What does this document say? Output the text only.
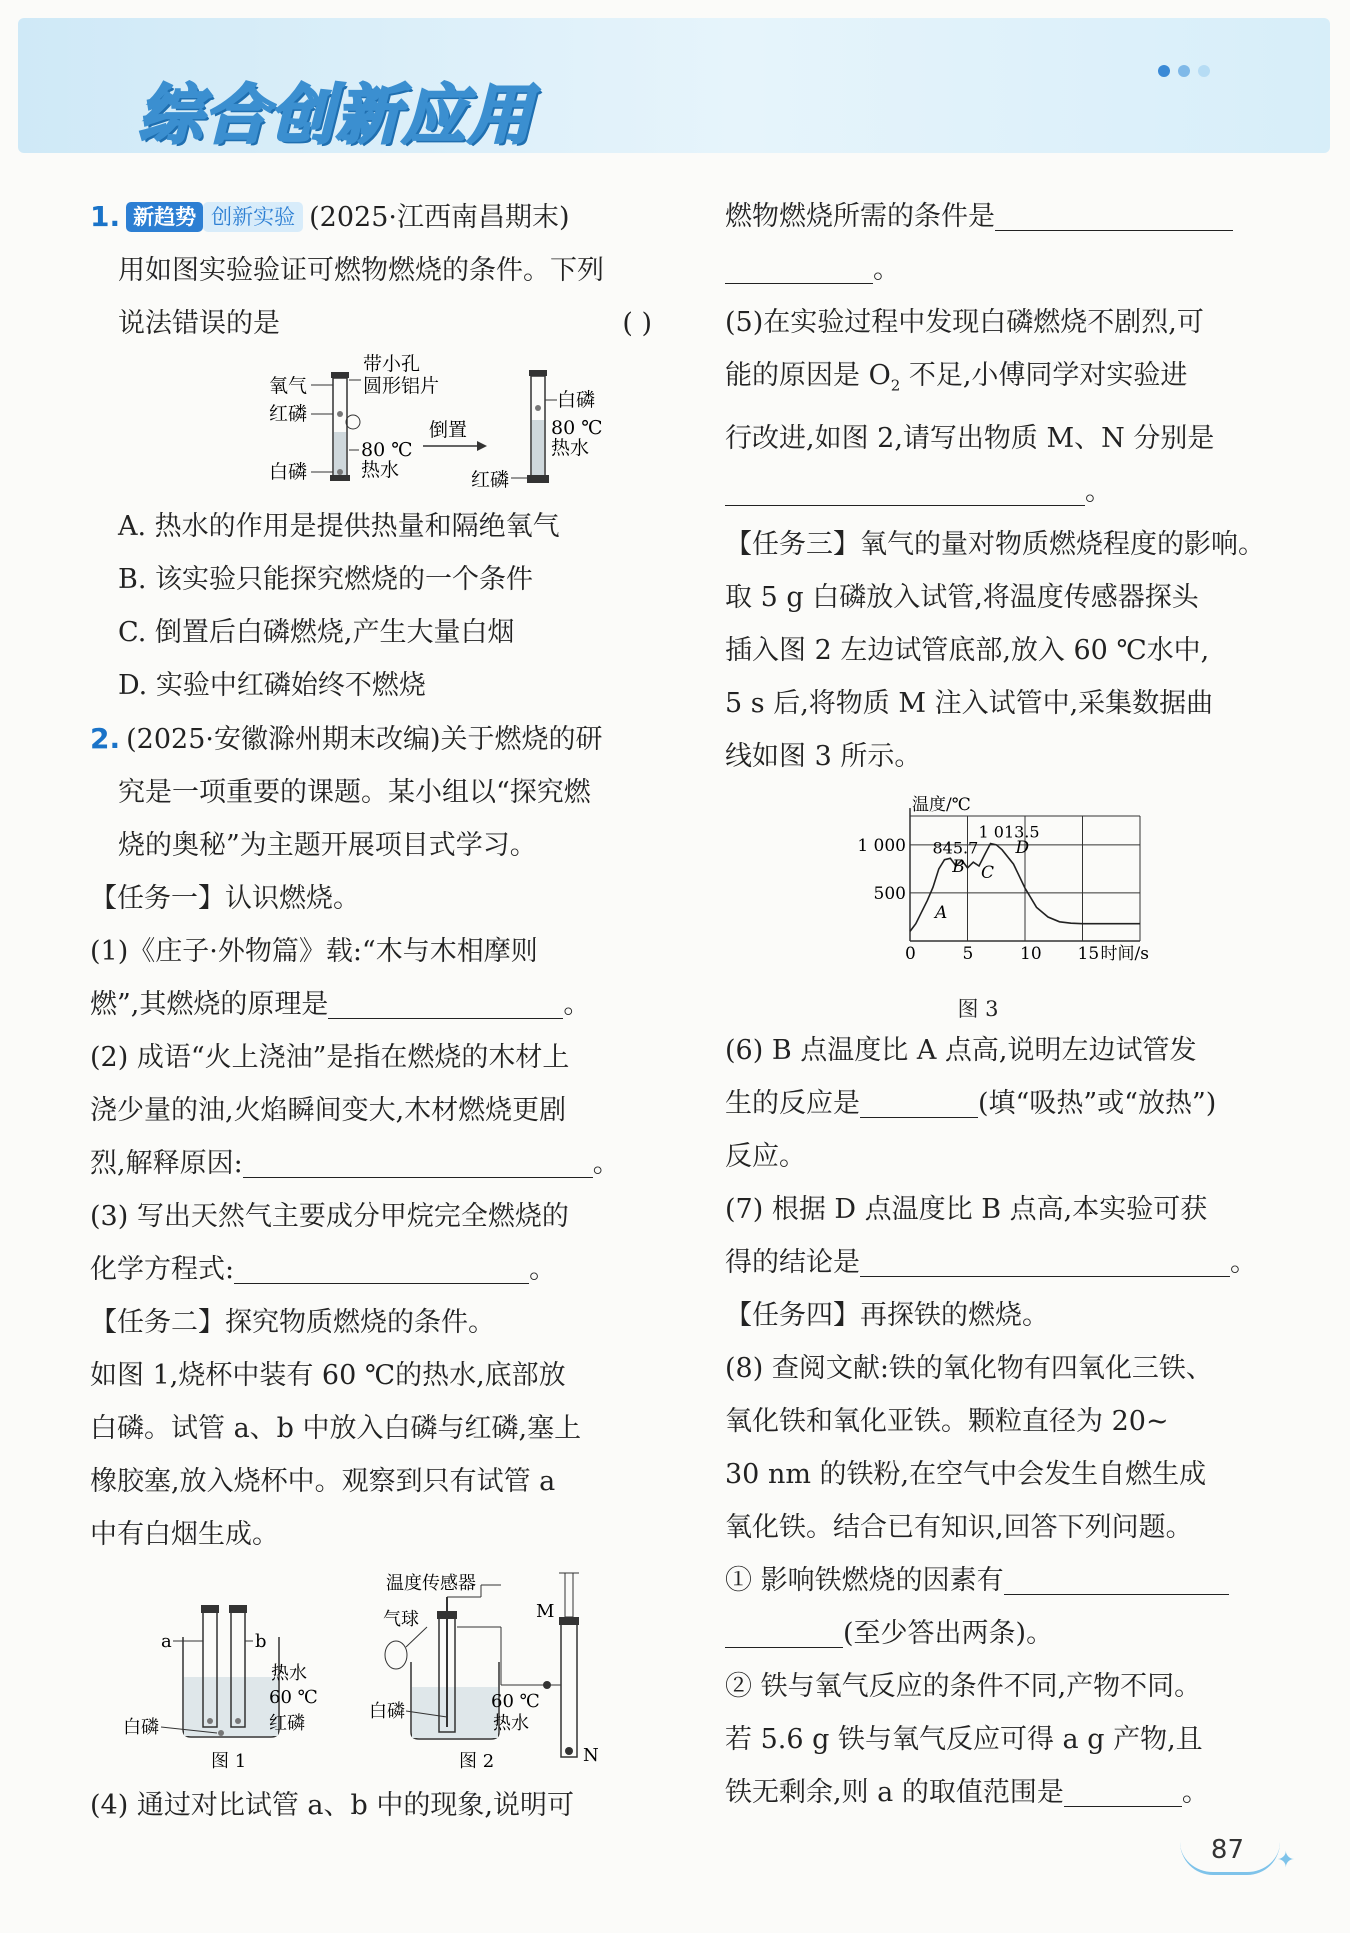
综合创新应用

1. 新趋势 创新实验 (2025·江西南昌期末)

用如图实验验证可燃物燃烧的条件。下列

说法错误的是	( )

氧气
红磷
白磷
带小孔
圆形铝片
80 ℃
热水
倒置
白磷
80 ℃
热水
红磷

A. 热水的作用是提供热量和隔绝氧气

B. 该实验只能探究燃烧的一个条件

C. 倒置后白磷燃烧,产生大量白烟

D. 实验中红磷始终不燃烧

2. (2025·安徽滁州期末改编)关于燃烧的研

究是一项重要的课题。某小组以“探究燃

烧的奥秘”为主题开展项目式学习。

【任务一】认识燃烧。

(1)《庄子·外物篇》载:“木与木相摩则

燃”,其燃烧的原理是	。

(2) 成语“火上浇油”是指在燃烧的木材上

浇少量的油,火焰瞬间变大,木材燃烧更剧

烈,解释原因:	。

(3) 写出天然气主要成分甲烷完全燃烧的

化学方程式:	。

【任务二】探究物质燃烧的条件。

如图 1,烧杯中装有 60 ℃的热水,底部放

白磷。试管 a、b 中放入白磷与红磷,塞上

橡胶塞,放入烧杯中。观察到只有试管 a

中有白烟生成。

a	b
热水
60 ℃
白磷	红磷
图 1
温度传感器
气球	M
白磷	60 ℃
热水
N
图 2

(4) 通过对比试管 a、b 中的现象,说明可

燃物燃烧所需的条件是

。

(5)在实验过程中发现白磷燃烧不剧烈,可

能的原因是 $O_2$ 不足,小傅同学对实验进

行改进,如图 2,请写出物质 M、N 分别是

。

【任务三】氧气的量对物质燃烧程度的影响。

取 5 g 白磷放入试管,将温度传感器探头

插入图 2 左边试管底部,放入 60 ℃水中,

5 s 后,将物质 M 注入试管中,采集数据曲

线如图 3 所示。

0	5	10 15
500
1 000
温度/℃
时间/s
A
B C
D
845.7
1 013.5
图 3

(6) B 点温度比 A 点高,说明左边试管发

生的反应是	(填“吸热”或“放热”)

反应。

(7) 根据 D 点温度比 B 点高,本实验可获

得的结论是	。

【任务四】再探铁的燃烧。

(8) 查阅文献:铁的氧化物有四氧化三铁、

氧化铁和氧化亚铁。颗粒直径为 20~

30 nm 的铁粉,在空气中会发生自燃生成

氧化铁。结合已有知识,回答下列问题。

① 影响铁燃烧的因素有

(至少答出两条)。

② 铁与氧气反应的条件不同,产物不同。

若 5.6 g 铁与氧气反应可得 a g 产物,且

铁无剩余,则 a 的取值范围是	。

87 ✦
